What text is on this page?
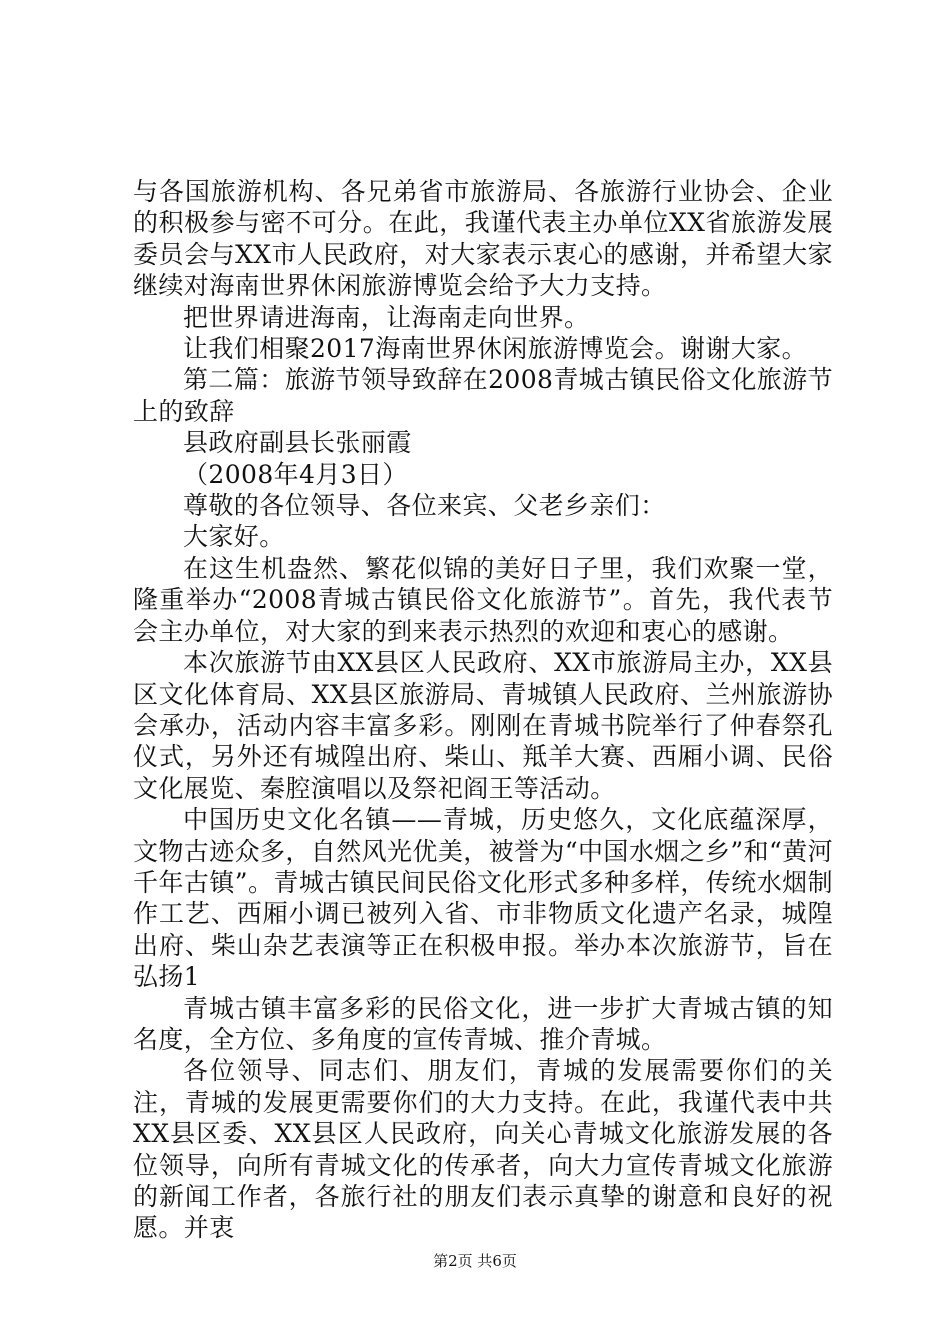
与各国旅游机构、各兄弟省市旅游局、各旅游行业协会、企业的积极参与密不可分。在此，我谨代表主办单位XX省旅游发展委员会与XX市人民政府，对大家表示衷心的感谢，并希望大家继续对海南世界休闲旅游博览会给予大力支持。

把世界请进海南，让海南走向世界。

让我们相聚2017海南世界休闲旅游博览会。谢谢大家。

第二篇：旅游节领导致辞在2008青城古镇民俗文化旅游节上的致辞

县政府副县长张丽霞

（2008年4月3日）

尊敬的各位领导、各位来宾、父老乡亲们：

大家好。

在这生机盎然、繁花似锦的美好日子里，我们欢聚一堂，隆重举办“2008青城古镇民俗文化旅游节”。首先，我代表节会主办单位，对大家的到来表示热烈的欢迎和衷心的感谢。

本次旅游节由XX县区人民政府、XX市旅游局主办，XX县区文化体育局、XX县区旅游局、青城镇人民政府、兰州旅游协会承办，活动内容丰富多彩。刚刚在青城书院举行了仲春祭孔仪式，另外还有城隍出府、柴山、羝羊大赛、西厢小调、民俗文化展览、秦腔演唱以及祭祀阎王等活动。

中国历史文化名镇——青城，历史悠久，文化底蕴深厚，文物古迹众多，自然风光优美，被誉为“中国水烟之乡”和“黄河千年古镇”。青城古镇民间民俗文化形式多种多样，传统水烟制作工艺、西厢小调已被列入省、市非物质文化遗产名录，城隍出府、柴山杂艺表演等正在积极申报。举办本次旅游节，旨在弘扬1

青城古镇丰富多彩的民俗文化，进一步扩大青城古镇的知名度，全方位、多角度的宣传青城、推介青城。

各位领导、同志们、朋友们，青城的发展需要你们的关注，青城的发展更需要你们的大力支持。在此，我谨代表中共XX县区委、XX县区人民政府，向关心青城文化旅游发展的各位领导，向所有青城文化的传承者，向大力宣传青城文化旅游的新闻工作者，各旅行社的朋友们表示真挚的谢意和良好的祝愿。并衷

第2页 共6页
